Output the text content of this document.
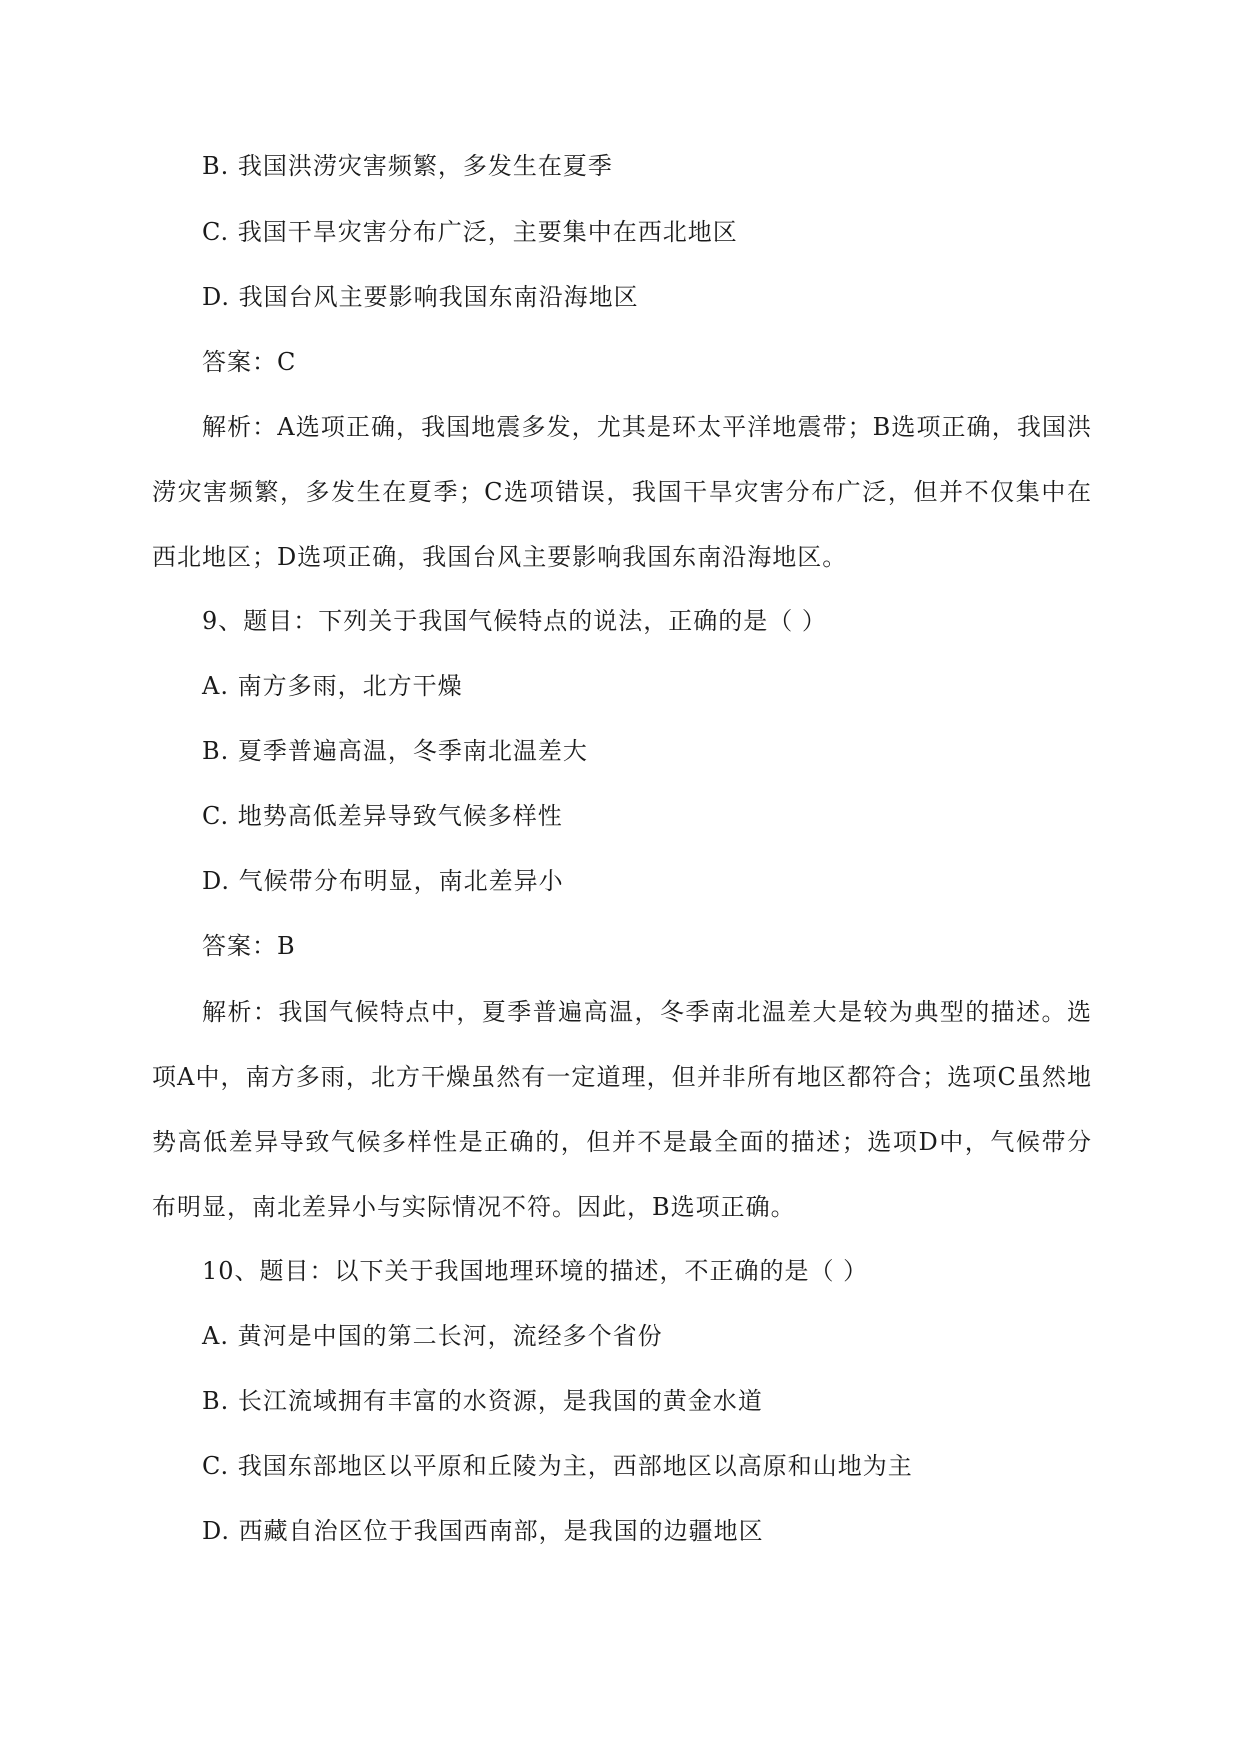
B. 我国洪涝灾害频繁，多发生在夏季
C. 我国干旱灾害分布广泛，主要集中在西北地区
D. 我国台风主要影响我国东南沿海地区
答案：C
解析：A选项正确，我国地震多发，尤其是环太平洋地震带；B选项正确，我国洪涝灾害频繁，多发生在夏季；C选项错误，我国干旱灾害分布广泛，但并不仅集中在西北地区；D选项正确，我国台风主要影响我国东南沿海地区。
9、题目：下列关于我国气候特点的说法，正确的是（ ）
A. 南方多雨，北方干燥
B. 夏季普遍高温，冬季南北温差大
C. 地势高低差异导致气候多样性
D. 气候带分布明显，南北差异小
答案：B
解析：我国气候特点中，夏季普遍高温，冬季南北温差大是较为典型的描述。选项A中，南方多雨，北方干燥虽然有一定道理，但并非所有地区都符合；选项C虽然地势高低差异导致气候多样性是正确的，但并不是最全面的描述；选项D中，气候带分布明显，南北差异小与实际情况不符。因此，B选项正确。
10、题目：以下关于我国地理环境的描述，不正确的是（ ）
A. 黄河是中国的第二长河，流经多个省份
B. 长江流域拥有丰富的水资源，是我国的黄金水道
C. 我国东部地区以平原和丘陵为主，西部地区以高原和山地为主
D. 西藏自治区位于我国西南部，是我国的边疆地区
